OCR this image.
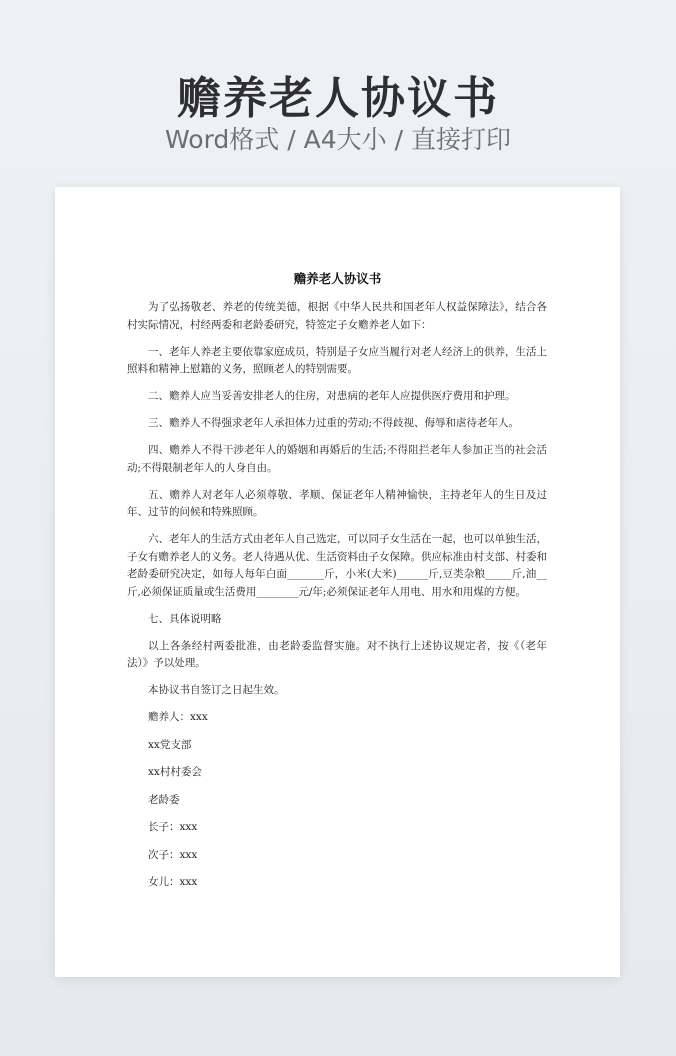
赡养老人协议书
Word格式 / A4大小 / 直接打印
赡养老人协议书

为了弘扬敬老、养老的传统美德，根据《中华人民共和国老年人权益保障法》，结合各村实际情况，村经两委和老龄委研究，特签定子女赡养老人如下：

一、老年人养老主要依靠家庭成员，特别是子女应当履行对老人经济上的供养，生活上照料和精神上慰籍的义务，照顾老人的特别需要。

二、赡养人应当妥善安排老人的住房，对患病的老年人应提供医疗费用和护理。

三、赡养人不得强求老年人承担体力过重的劳动;不得歧视、侮辱和虐待老年人。

四、赡养人不得干涉老年人的婚姻和再婚后的生活;不得阻拦老年人参加正当的社会活动;不得限制老年人的人身自由。

五、赡养人对老年人必须尊敬、孝顺、保证老年人精神愉快，主持老年人的生日及过年、过节的问候和特殊照顾。

六、老年人的生活方式由老年人自己选定，可以同子女生活在一起，也可以单独生活，子女有赡养老人的义务。老人待遇从优、生活资料由子女保障。供应标准由村支部、村委和老龄委研究决定，如每人每年白面_______斤，小米(大米)______斤,豆类杂粮_____斤,油__斤,必须保证质量或生活费用________元/年;必须保证老年人用电、用水和用煤的方便。

七、具体说明略

以上各条经村两委批准，由老龄委监督实施。对不执行上述协议规定者，按《（老年法）》予以处理。

本协议书自签订之日起生效。

赡养人：xxx
xx党支部
xx村村委会
老龄委
长子：xxx
次子：xxx
女儿：xxx
